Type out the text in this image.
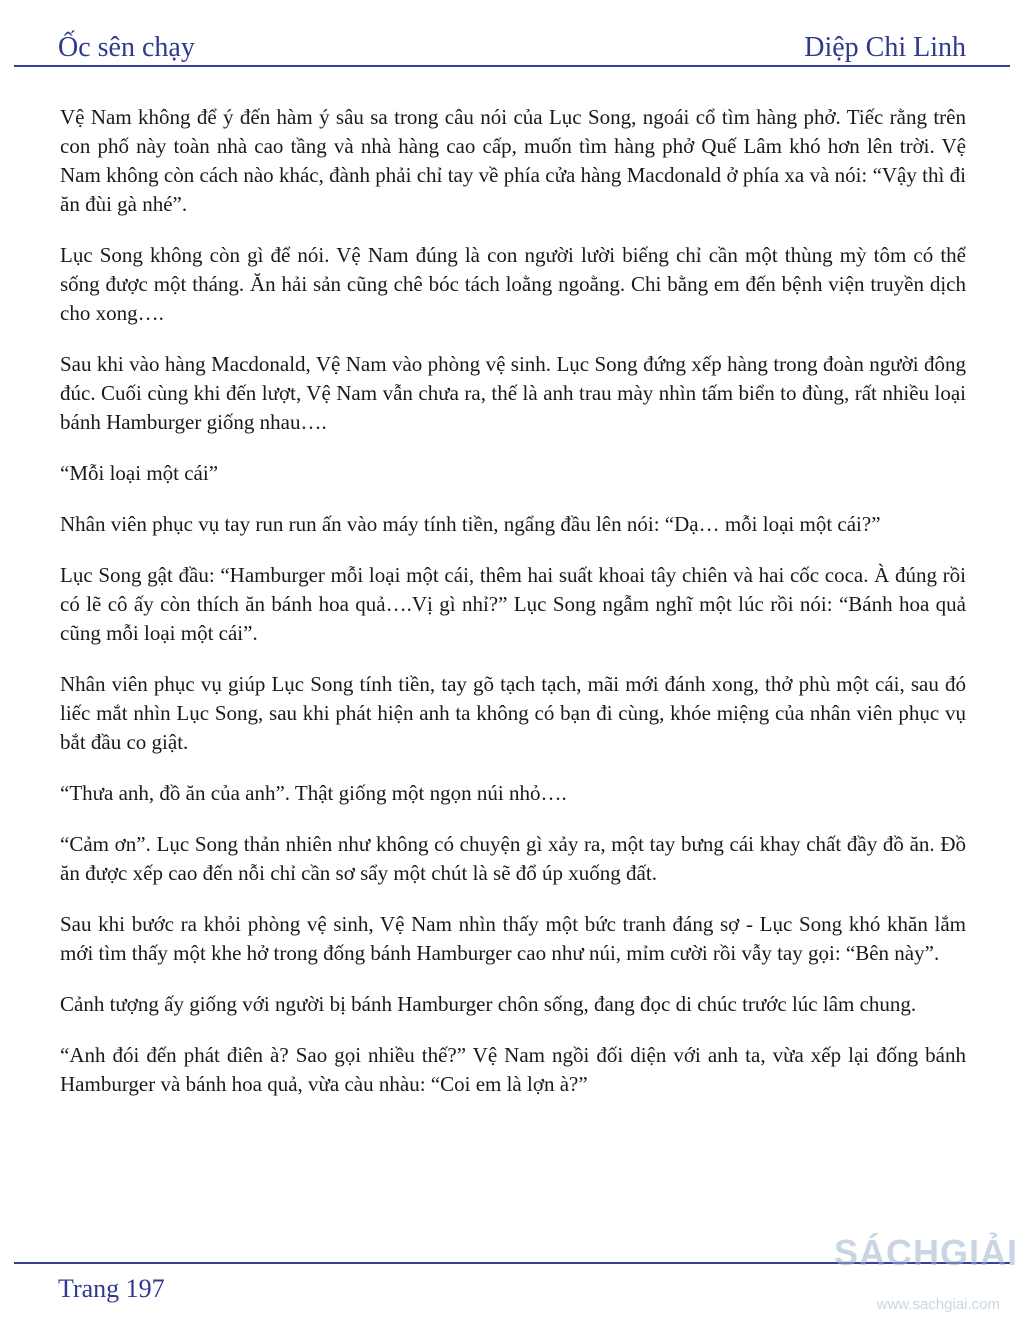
Ốc sên chạy	Diệp Chi Linh

Vệ Nam không để ý đến hàm ý sâu sa trong câu nói của Lục Song, ngoái cổ tìm hàng phở. Tiếc rằng trên con phố này toàn nhà cao tầng và nhà hàng cao cấp, muốn tìm hàng phở Quế Lâm khó hơn lên trời. Vệ Nam không còn cách nào khác, đành phải chỉ tay về phía cửa hàng Macdonald ở phía xa và nói: “Vậy thì đi ăn đùi gà nhé”.

Lục Song không còn gì để nói. Vệ Nam đúng là con người lười biếng chỉ cần một thùng mỳ tôm có thể sống được một tháng. Ăn hải sản cũng chê bóc tách loằng ngoằng. Chi bằng em đến bệnh viện truyền dịch cho xong….

Sau khi vào hàng Macdonald, Vệ Nam vào phòng vệ sinh. Lục Song đứng xếp hàng trong đoàn người đông đúc. Cuối cùng khi đến lượt, Vệ Nam vẫn chưa ra, thế là anh trau mày nhìn tấm biển to đùng, rất nhiều loại bánh Hamburger giống nhau….

“Mỗi loại một cái”

Nhân viên phục vụ tay run run ấn vào máy tính tiền, ngẩng đầu lên nói: “Dạ… mỗi loại một cái?”

Lục Song gật đầu: “Hamburger mỗi loại một cái, thêm hai suất khoai tây chiên và hai cốc coca. À đúng rồi có lẽ cô ấy còn thích ăn bánh hoa quả….Vị gì nhỉ?” Lục Song ngẫm nghĩ một lúc rồi nói: “Bánh hoa quả cũng mỗi loại một cái”.

Nhân viên phục vụ giúp Lục Song tính tiền, tay gõ tạch tạch, mãi mới đánh xong, thở phù một cái, sau đó liếc mắt nhìn Lục Song, sau khi phát hiện anh ta không có bạn đi cùng, khóe miệng của nhân viên phục vụ bắt đầu co giật.

“Thưa anh, đồ ăn của anh”. Thật giống một ngọn núi nhỏ….

“Cảm ơn”. Lục Song thản nhiên như không có chuyện gì xảy ra, một tay bưng cái khay chất đầy đồ ăn. Đồ ăn được xếp cao đến nỗi chỉ cần sơ sẩy một chút là sẽ đổ úp xuống đất.

Sau khi bước ra khỏi phòng vệ sinh, Vệ Nam nhìn thấy một bức tranh đáng sợ - Lục Song khó khăn lắm mới tìm thấy một khe hở trong đống bánh Hamburger cao như núi, mỉm cười rồi vẫy tay gọi: “Bên này”.

Cảnh tượng ấy giống với người bị bánh Hamburger chôn sống, đang đọc di chúc trước lúc lâm chung.

“Anh đói đến phát điên à? Sao gọi nhiều thế?” Vệ Nam ngồi đối diện với anh ta, vừa xếp lại đống bánh Hamburger và bánh hoa quả, vừa càu nhàu: “Coi em là lợn à?”

Trang 197
SÁCHGIẢI
www.sachgiai.com
